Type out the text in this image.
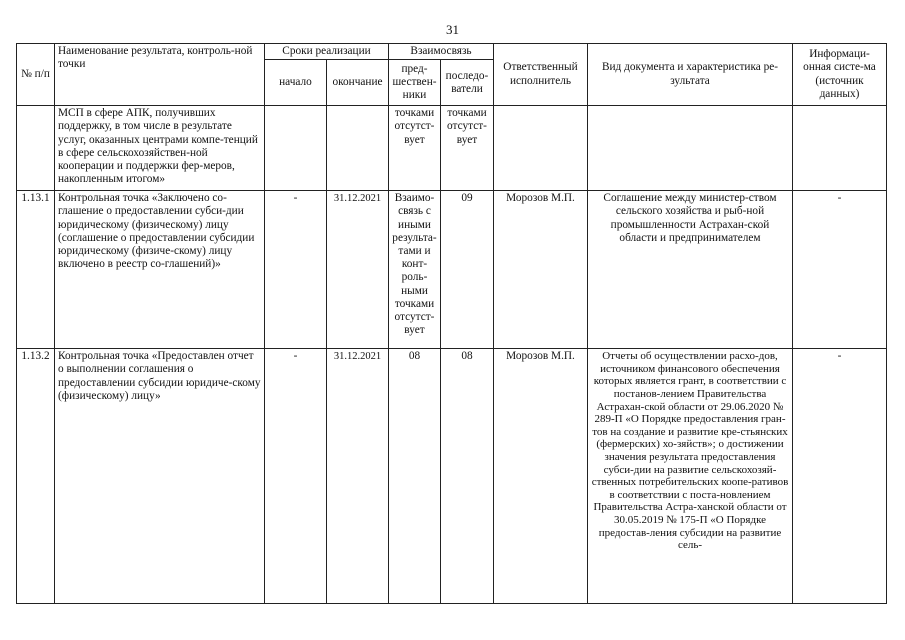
31
№ п/п	Наименование результата, контроль-ной точки	Сроки реализации		Взаимосвязь		Ответственный исполнитель	Вид документа и характеристика ре-зультата	Информаци-онная систе-ма (источник данных)
		начало	окончание	пред-шествен-ники	последо-ватели			
	МСП в сфере АПК, получивших поддержку, в том числе в результате услуг, оказанных центрами компе-тенций в сфере сельскохозяйствен-ной кооперации и поддержки фер-меров, накопленным итогом»			точками отсутст-вует	точками отсутст-вует			
1.13.1	Контрольная точка «Заключено со-глашение о предоставлении субси-дии юридическому (физическому) лицу (соглашение о предоставлении субсидии юридическому (физиче-скому) лицу включено в реестр со-глашений)»	-	31.12.2021	Взаимо-связь с иными результа-тами и конт-роль-ными точками отсутст-вует	09	Морозов М.П.	Соглашение между министер-ством сельского хозяйства и рыб-ной промышленности Астрахан-ской области и предпринимателем	-
1.13.2	Контрольная точка «Предоставлен отчет о выполнении соглашения о предоставлении субсидии юридиче-скому (физическому) лицу»	-	31.12.2021	08	08	Морозов М.П.	Отчеты об осуществлении расхо-дов, источником финансового обеспечения которых является грант, в соответствии с постанов-лением Правительства Астрахан-ской области от 29.06.2020 № 289-П «О Порядке предоставления гран-тов на создание и развитие кре-стьянских (фермерских) хо-зяйств»; о достижении значения результата предоставления субси-дии на развитие сельскохозяй-ственных потребительских коопе-ративов в соответствии с поста-новлением Правительства Астра-ханской области от 30.05.2019 № 175-П «О Порядке предостав-ления субсидии на развитие сель-	-
